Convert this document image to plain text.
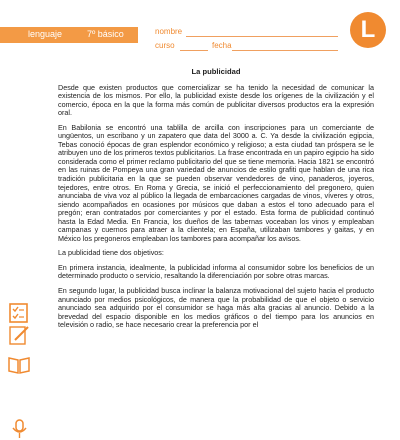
lenguaje	7º básico	nombre
curso	fecha
L
La publicidad

Desde que existen productos que comercializar se ha tenido la necesidad de comunicar la existencia de los mismos. Por ello, la publicidad existe desde los orígenes de la civilización y el comercio, época en la que la forma más común de publicitar diversos productos era la expresión oral.

En Babilonia se encontró una tablilla de arcilla con inscripciones para un comerciante de ungüentos, un escribano y un zapatero que data del 3000 a. C. Ya desde la civilización egipcia, Tebas conoció épocas de gran esplendor económico y religioso; a esta ciudad tan próspera se le atribuyen uno de los primeros textos publicitarios. La frase encontrada en un papiro egipcio ha sido considerada como el primer reclamo publicitario del que se tiene memoria. Hacia 1821 se encontró en las ruinas de Pompeya una gran variedad de anuncios de estilo grafiti que hablan de una rica tradición publicitaria en la que se pueden observar vendedores de vino, panaderos, joyeros, tejedores, entre otros. En Roma y Grecia, se inició el perfeccionamiento del pregonero, quien anunciaba de viva voz al público la llegada de embarcaciones cargadas de vinos, víveres y otros, siendo acompañados en ocasiones por músicos que daban a estos el tono adecuado para el pregón; eran contratados por comerciantes y por el estado. Esta forma de publicidad continuó hasta la Edad Media. En Francia, los dueños de las tabernas voceaban los vinos y empleaban campanas y cuernos para atraer a la clientela; en España, utilizaban tambores y gaitas, y en México los pregoneros empleaban los tambores para acompañar los avisos.

La publicidad tiene dos objetivos:

En primera instancia, idealmente, la publicidad informa al consumidor sobre los beneficios de un determinado producto o servicio, resaltando la diferenciación por sobre otras marcas.

En segundo lugar, la publicidad busca inclinar la balanza motivacional del sujeto hacia el producto anunciado por medios psicológicos, de manera que la probabilidad de que el objeto o servicio anunciado sea adquirido por el consumidor se haga más alta gracias al anuncio. Debido a la brevedad del espacio disponible en los medios gráficos o del tiempo para los anuncios en televisión o radio, se hace necesario crear la preferencia por el
